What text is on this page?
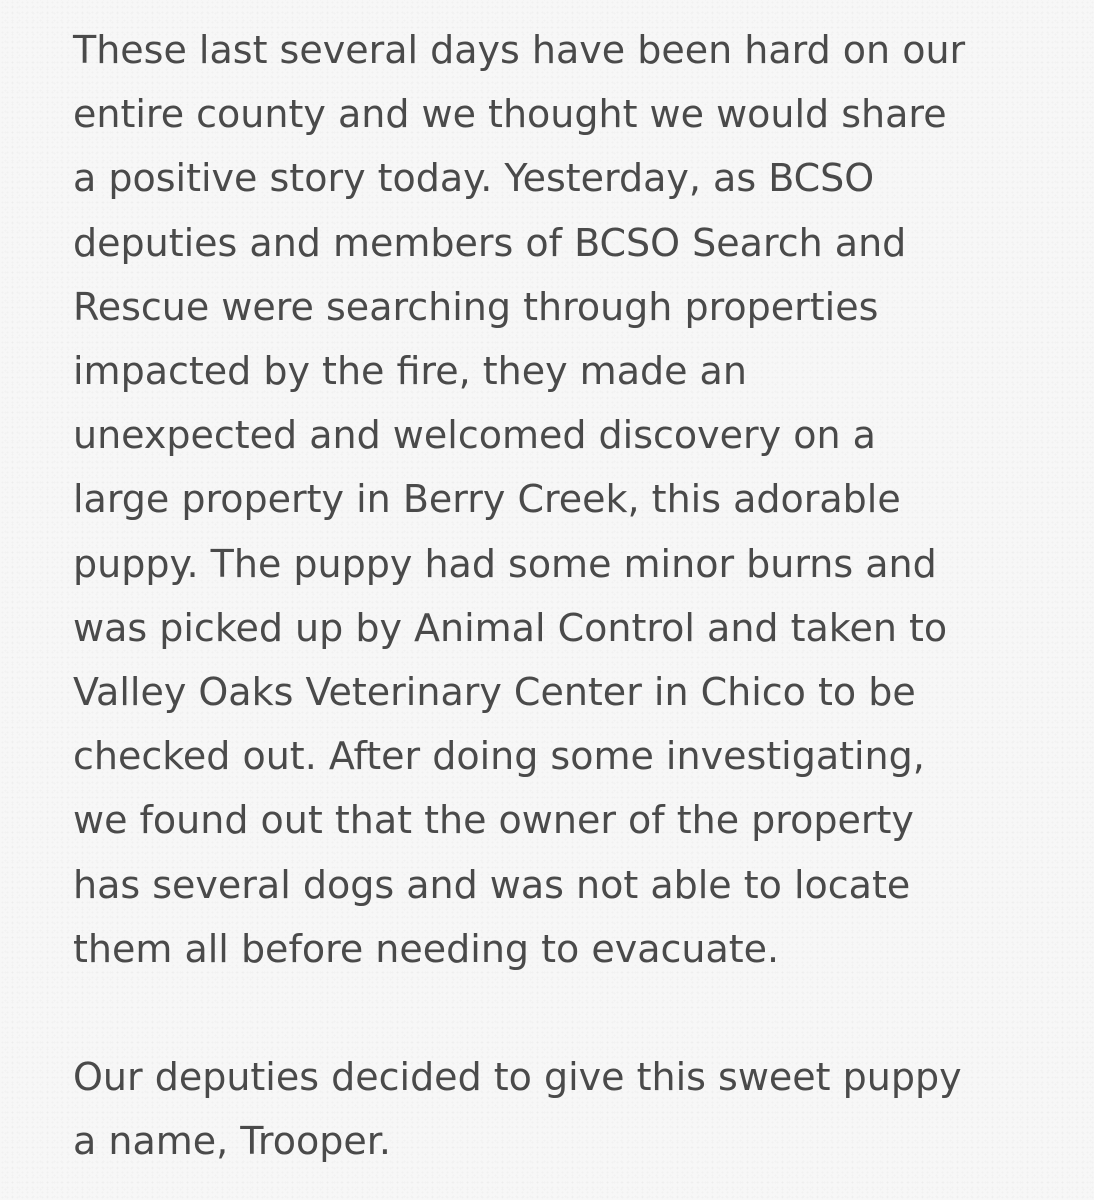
These last several days have been hard on our
entire county and we thought we would share
a positive story today. Yesterday, as BCSO
deputies and members of BCSO Search and
Rescue were searching through properties
impacted by the fire, they made an
unexpected and welcomed discovery on a
large property in Berry Creek, this adorable
puppy. The puppy had some minor burns and
was picked up by Animal Control and taken to
Valley Oaks Veterinary Center in Chico to be
checked out. After doing some investigating,
we found out that the owner of the property
has several dogs and was not able to locate
them all before needing to evacuate.
Our deputies decided to give this sweet puppy
a name, Trooper.
